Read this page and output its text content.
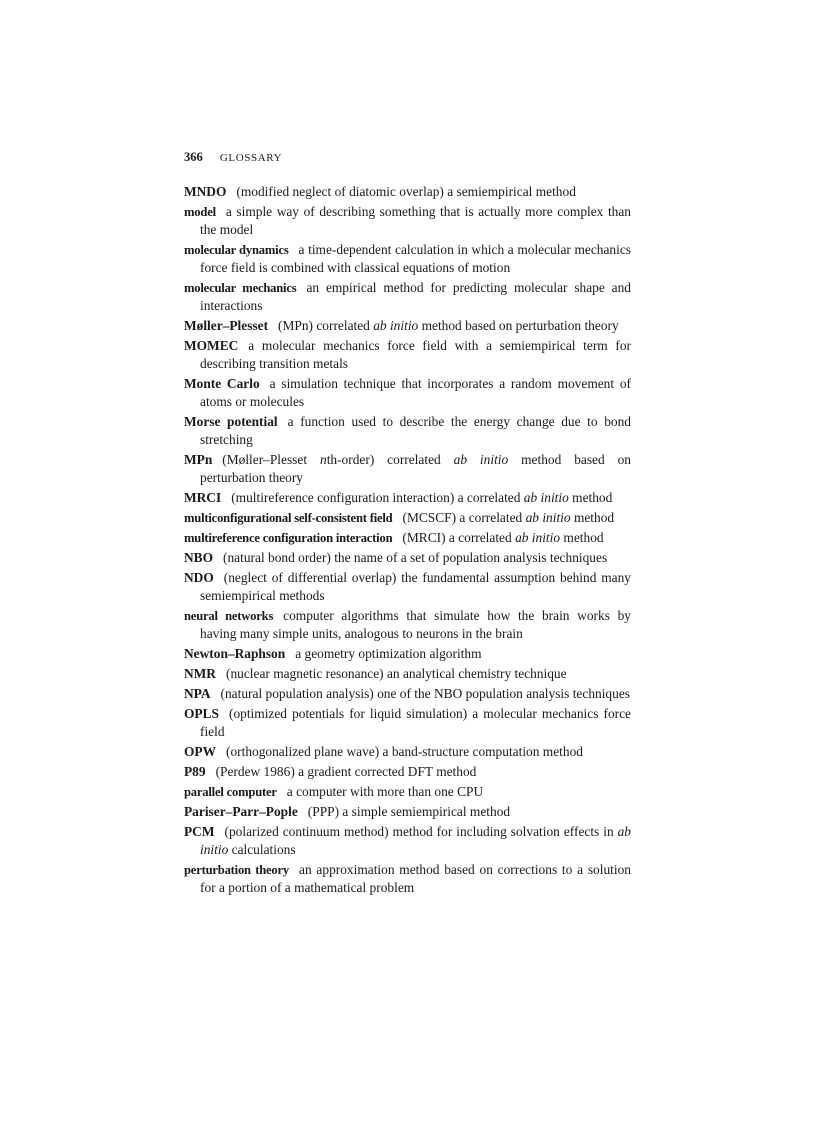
366 GLOSSARY

MNDO (modified neglect of diatomic overlap) a semiempirical method

model a simple way of describing something that is actually more complex than the model

molecular dynamics a time-dependent calculation in which a molecular mechanics force field is combined with classical equations of motion

molecular mechanics an empirical method for predicting molecular shape and interactions

Møller–Plesset (MPn) correlated ab initio method based on perturbation theory

MOMEC a molecular mechanics force field with a semiempirical term for describing transition metals

Monte Carlo a simulation technique that incorporates a random movement of atoms or molecules

Morse potential a function used to describe the energy change due to bond stretching

MPn (Møller–Plesset nth-order) correlated ab initio method based on perturbation theory

MRCI (multireference configuration interaction) a correlated ab initio method

multiconfigurational self-consistent field (MCSCF) a correlated ab initio method

multireference configuration interaction (MRCI) a correlated ab initio method

NBO (natural bond order) the name of a set of population analysis techniques

NDO (neglect of differential overlap) the fundamental assumption behind many semiempirical methods

neural networks computer algorithms that simulate how the brain works by having many simple units, analogous to neurons in the brain

Newton–Raphson a geometry optimization algorithm

NMR (nuclear magnetic resonance) an analytical chemistry technique

NPA (natural population analysis) one of the NBO population analysis techniques

OPLS (optimized potentials for liquid simulation) a molecular mechanics force field

OPW (orthogonalized plane wave) a band-structure computation method

P89 (Perdew 1986) a gradient corrected DFT method

parallel computer a computer with more than one CPU

Pariser–Parr–Pople (PPP) a simple semiempirical method

PCM (polarized continuum method) method for including solvation effects in ab initio calculations

perturbation theory an approximation method based on corrections to a solution for a portion of a mathematical problem
